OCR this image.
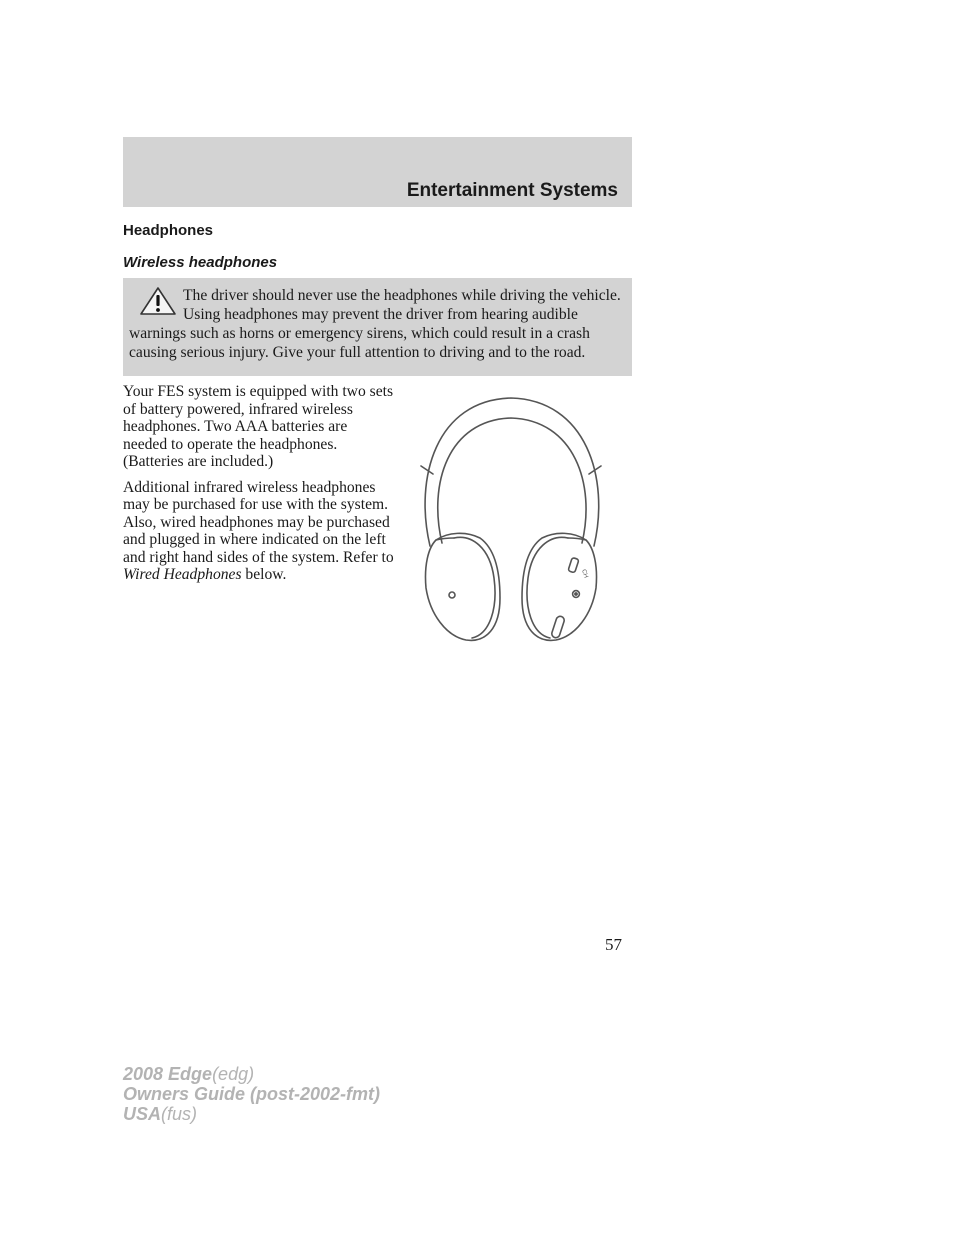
Entertainment Systems
Headphones
Wireless headphones

The driver should never use the headphones while driving the vehicle. Using headphones may prevent the driver from hearing audible warnings such as horns or emergency sirens, which could result in a crash causing serious injury. Give your full attention to driving and to the road.

Your FES system is equipped with two sets of battery powered, infrared wireless headphones. Two AAA batteries are needed to operate the headphones. (Batteries are included.)

Additional infrared wireless headphones may be purchased for use with the system. Also, wired headphones may be purchased and plugged in where indicated on the left and right hand sides of the system. Refer to Wired Headphones below.	CH
57
2008 Edge(edg)
Owners Guide (post-2002-fmt)
USA(fus)
